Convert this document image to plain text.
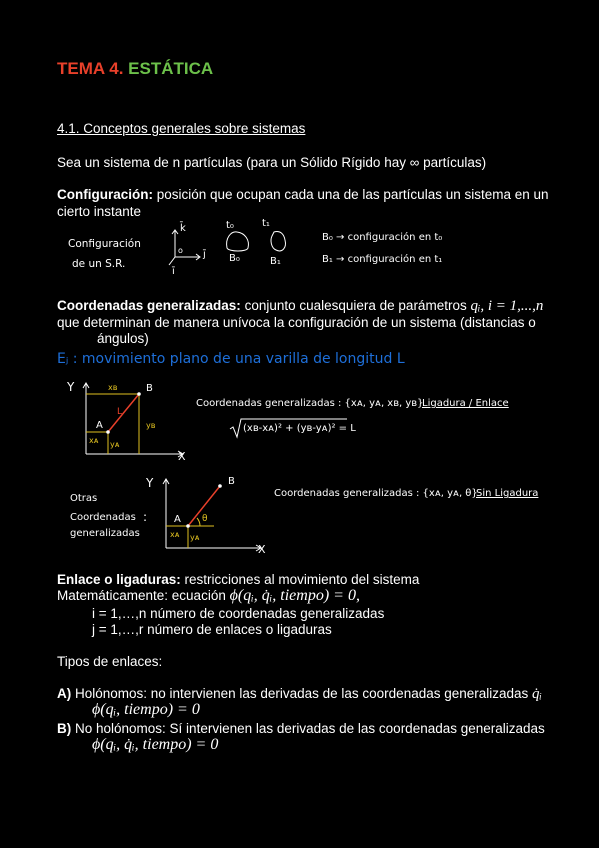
TEMA 4. ESTÁTICA
4.1. Conceptos generales sobre sistemas
Sea un sistema de n partículas (para un Sólido Rígido hay ∞ partículas)
Configuración: posición que ocupan cada una de las partículas un sistema en un
cierto instante
Configuración
de un S.R.
k̄
j̄
ī
o
t₀	t₁
B₀	B₁
B₀ → configuración en t₀
B₁ → configuración en t₁
Coordenadas generalizadas: conjunto cualesquiera de parámetros qᵢ, i = 1,...,n
que determinan de manera unívoca la configuración de un sistema (distancias o
ángulos)
Eⱼ : movimiento plano de una varilla de longitud L
Y
X
A
B
L
xʙ
yʙ
xᴀ yᴀ
Coordenadas generalizadas : {xᴀ, yᴀ, xʙ, yʙ}
Ligadura / Enlace
(xʙ-xᴀ)² + (yʙ-yᴀ)² = L
Otras
Coordenadas
generalizadas
:
Y
X
A
B
θ
xᴀ yᴀ
Coordenadas generalizadas : {xᴀ, yᴀ, θ}
Sin Ligadura
Enlace o ligaduras: restricciones al movimiento del sistema
Matemáticamente: ecuación ϕ(qᵢ, q̇ᵢ, tiempo) = 0,
i = 1,…,n número de coordenadas generalizadas
j = 1,…,r número de enlaces o ligaduras
Tipos de enlaces:
A) Holónomos: no intervienen las derivadas de las coordenadas generalizadas q̇ᵢ
ϕ(qᵢ, tiempo) = 0
B) No holónomos: Sí intervienen las derivadas de las coordenadas generalizadas
ϕ(qᵢ, q̇ᵢ, tiempo) = 0
